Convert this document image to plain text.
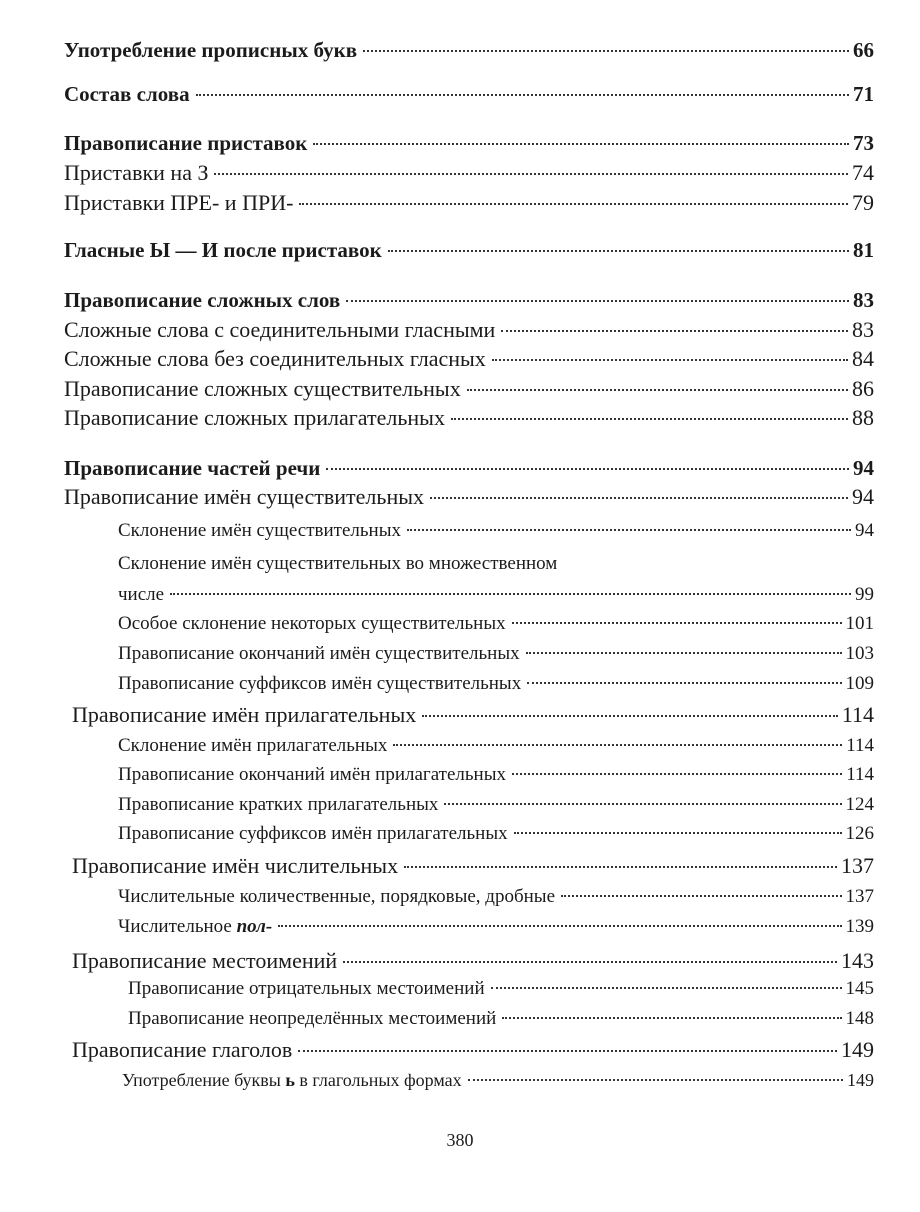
Употребление прописных букв	66
Состав слова	71
Правописание приставок	73
Приставки на З	74
Приставки ПРЕ- и ПРИ-	79
Гласные Ы — И после приставок	81
Правописание сложных слов	83
Сложные слова с соединительными гласными	83
Сложные слова без соединительных гласных	84
Правописание сложных существительных	86
Правописание сложных прилагательных	88
Правописание частей речи	94
Правописание имён существительных	94
Склонение имён существительных	94
Склонение имён существительных во множественном
числе	99
Особое склонение некоторых существительных	101
Правописание окончаний имён существительных	103
Правописание суффиксов имён существительных	109
Правописание имён прилагательных	114
Склонение имён прилагательных	114
Правописание окончаний имён прилагательных	114
Правописание кратких прилагательных	124
Правописание суффиксов имён прилагательных	126
Правописание имён числительных	137
Числительные количественные, порядковые, дробные	137
Числительное пол-	139
Правописание местоимений	143
Правописание отрицательных местоимений	145
Правописание неопределённых местоимений	148
Правописание глаголов	149
Употребление буквы ь в глагольных формах	149
380
